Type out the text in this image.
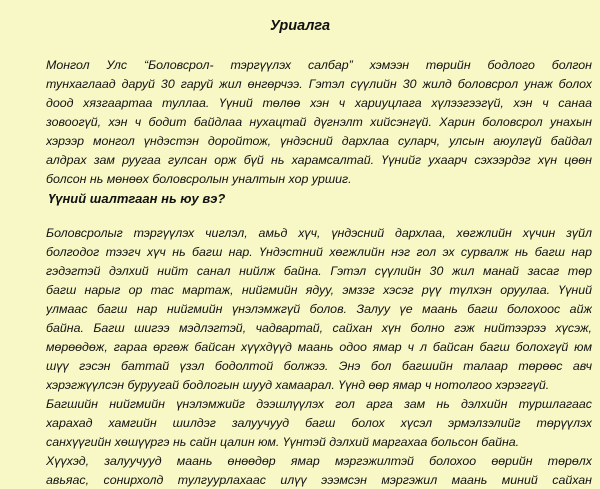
Уриалга
Монгол Улс “Боловсрол- тэргүүлэх салбар” хэмээн төрийн бодлого болгон
тунхаглаад даруй 30 гаруй жил өнгөрчээ. Гэтэл сүүлийн 30 жилд боловсрол унаж болох
доод хязгаартаа туллаа. Үүний төлөө хэн ч хариуцлага хүлээгээгүй, хэн ч санаа
зовоогүй, хэн ч бодит байдлаа нухацтай дүгнэлт хийсэнгүй. Харин боловсрол унахын
хэрээр монгол үндэстэн доройтож, үндэсний дархлаа суларч, улсын аюулгүй байдал
алдрах зам руугаа гулсан орж бүй нь харамсалтай. Үүнийг ухаарч сэхээрдэг хүн цөөн
болсон нь мөнөөх боловсролын уналтын хор уршиг.
Үүний шалтгаан нь юу вэ?
Боловсролыг тэргүүлэх чиглэл, амьд хүч, үндэсний дархлаа, хөгжлийн хүчин зүйл
болгодог тээгч хүч нь багш нар. Үндэстний хөгжлийн нэг гол эх сурвалж нь багш нар
гэдэгтэй дэлхий нийт санал нийлж байна. Гэтэл сүүлийн 30 жил манай засаг төр
багш нарыг ор тас мартаж, нийгмийн ядуу, эмзэг хэсэг рүү түлхэн оруулаа. Үүний
улмаас багш нар нийгмийн үнэлэмжгүй болов. Залуу үе маань багш болохоос айж
байна. Багш шигээ мэдлэгтэй, чадвартай, сайхан хүн болно гэж нийтээрээ хүсэж,
мөрөөдөж, гараа өргөж байсан хүүхдүүд маань одоо ямар ч л байсан багш болохгүй юм
шүү гэсэн баттай үзэл бодолтой болжээ. Энэ бол багшийн талаар төрөөс авч
хэрэгжүүлсэн буруугай бодлогын шууд хамаарал. Үүнд өөр ямар ч нотолгоо хэрэггүй.
Багшийн нийгмийн үнэлэмжийг дээшлүүлэх гол арга зам нь дэлхийн туршлагаас
харахад хамгийн шилдэг залуучууд багш болох хүсэл эрмэлзэлийг төрүүлэх
санхүүгийн хөшүүргэ нь сайн цалин юм. Үүнтэй дэлхий маргахаа больсон байна.
Хүүхэд, залуучууд маань өнөөдөр ямар мэргэжилтэй болохоо өөрийн төрөлх
авьяас, сонирхолд тулгуурлахаас илүү эээмсэн мэргэжил маань миний сайхан
